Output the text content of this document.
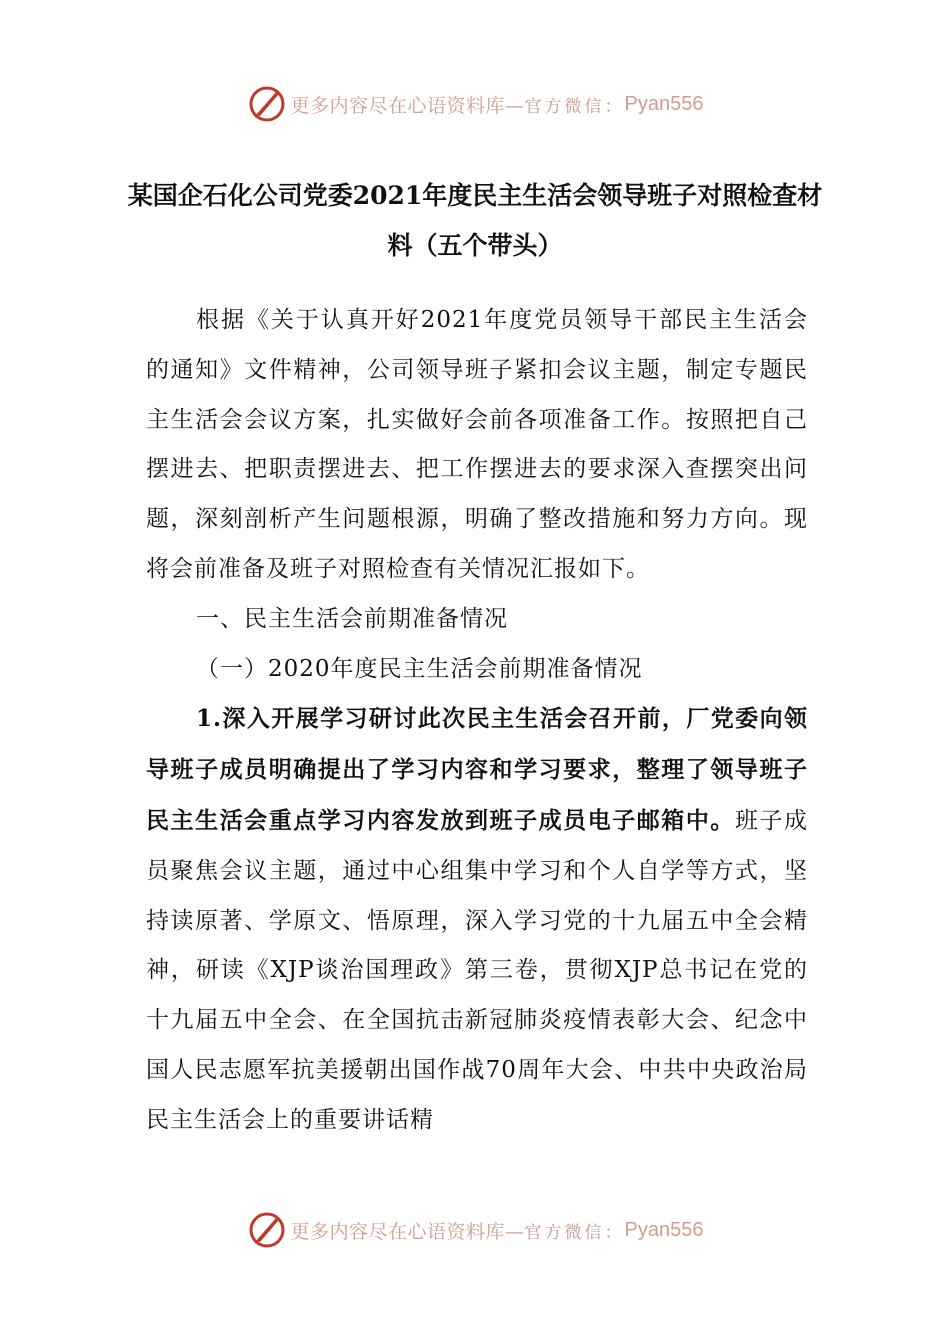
更多内容尽在心语资料库— 官方微信： Pyan556
某国企石化公司党委2021年度民主生活会领导班子对照检查材料（五个带头）

根据《关于认真开好2021年度党员领导干部民主生活会的通知》文件精神，公司领导班子紧扣会议主题，制定专题民主生活会会议方案，扎实做好会前各项准备工作。按照把自己摆进去、把职责摆进去、把工作摆进去的要求深入查摆突出问题，深刻剖析产生问题根源，明确了整改措施和努力方向。现将会前准备及班子对照检查有关情况汇报如下。

一、民主生活会前期准备情况

（一）2020年度民主生活会前期准备情况

1.深入开展学习研讨此次民主生活会召开前，厂党委向领导班子成员明确提出了学习内容和学习要求，整理了领导班子民主生活会重点学习内容发放到班子成员电子邮箱中。班子成员聚焦会议主题，通过中心组集中学习和个人自学等方式，坚持读原著、学原文、悟原理，深入学习党的十九届五中全会精神，研读《XJP谈治国理政》第三卷，贯彻XJP总书记在党的十九届五中全会、在全国抗击新冠肺炎疫情表彰大会、纪念中国人民志愿军抗美援朝出国作战70周年大会、中共中央政治局民主生活会上的重要讲话精

更多内容尽在心语资料库— 官方微信： Pyan556
